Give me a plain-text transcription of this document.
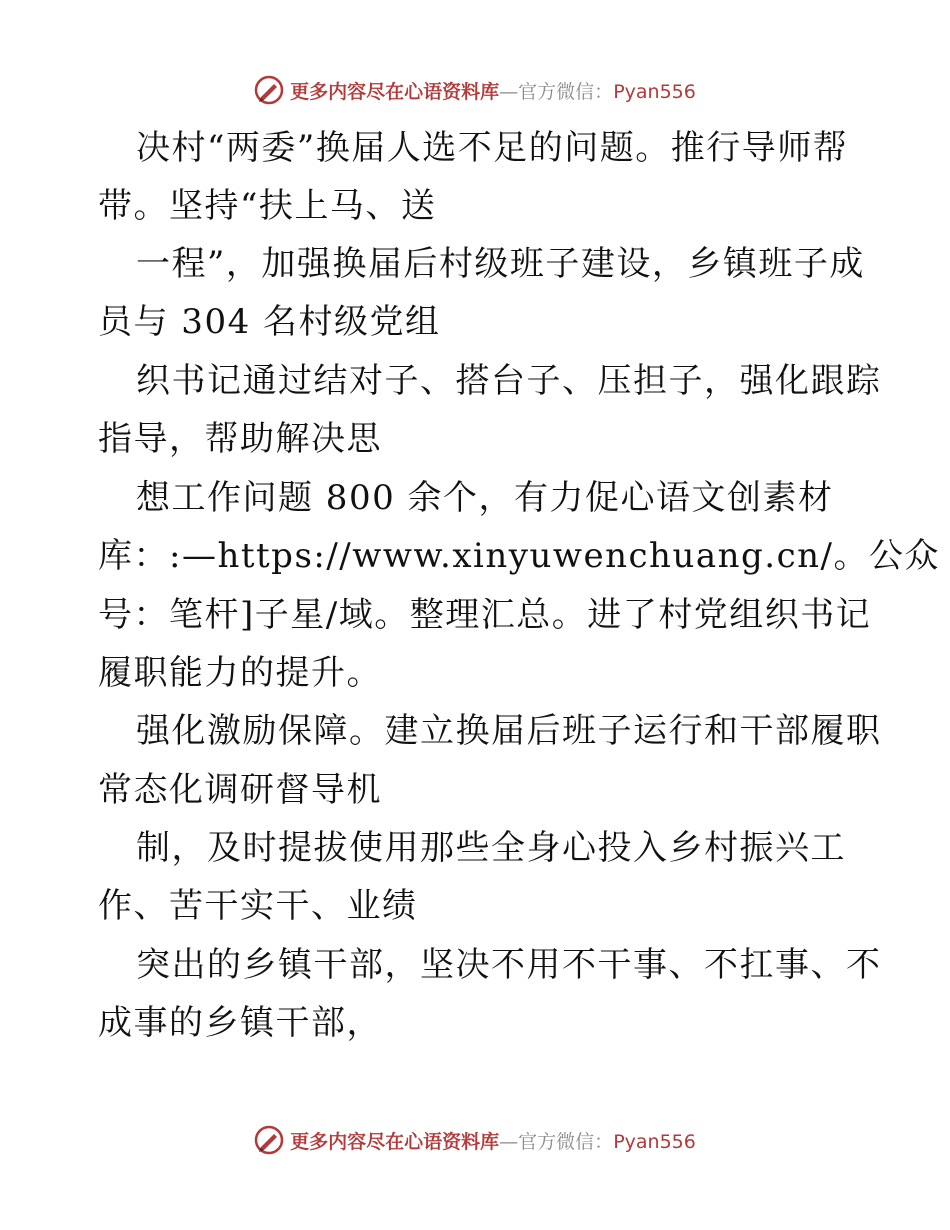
更多内容尽在心语资料库—官方微信：Pyan556
决村“两委”换届人选不足的问题。推行导师帮
带。坚持“扶上马、送
一程”，加强换届后村级班子建设，乡镇班子成
员与 304 名村级党组
织书记通过结对子、搭台子、压担子，强化跟踪
指导，帮助解决思
想工作问题 800 余个，有力促心语文创素材
库：:—https://www.xinyuwenchuang.cn/。公众
号：笔杆]子星/域。整理汇总。进了村党组织书记
履职能力的提升。
强化激励保障。建立换届后班子运行和干部履职
常态化调研督导机
制，及时提拔使用那些全身心投入乡村振兴工
作、苦干实干、业绩
突出的乡镇干部，坚决不用不干事、不扛事、不
成事的乡镇干部，
更多内容尽在心语资料库—官方微信：Pyan556
